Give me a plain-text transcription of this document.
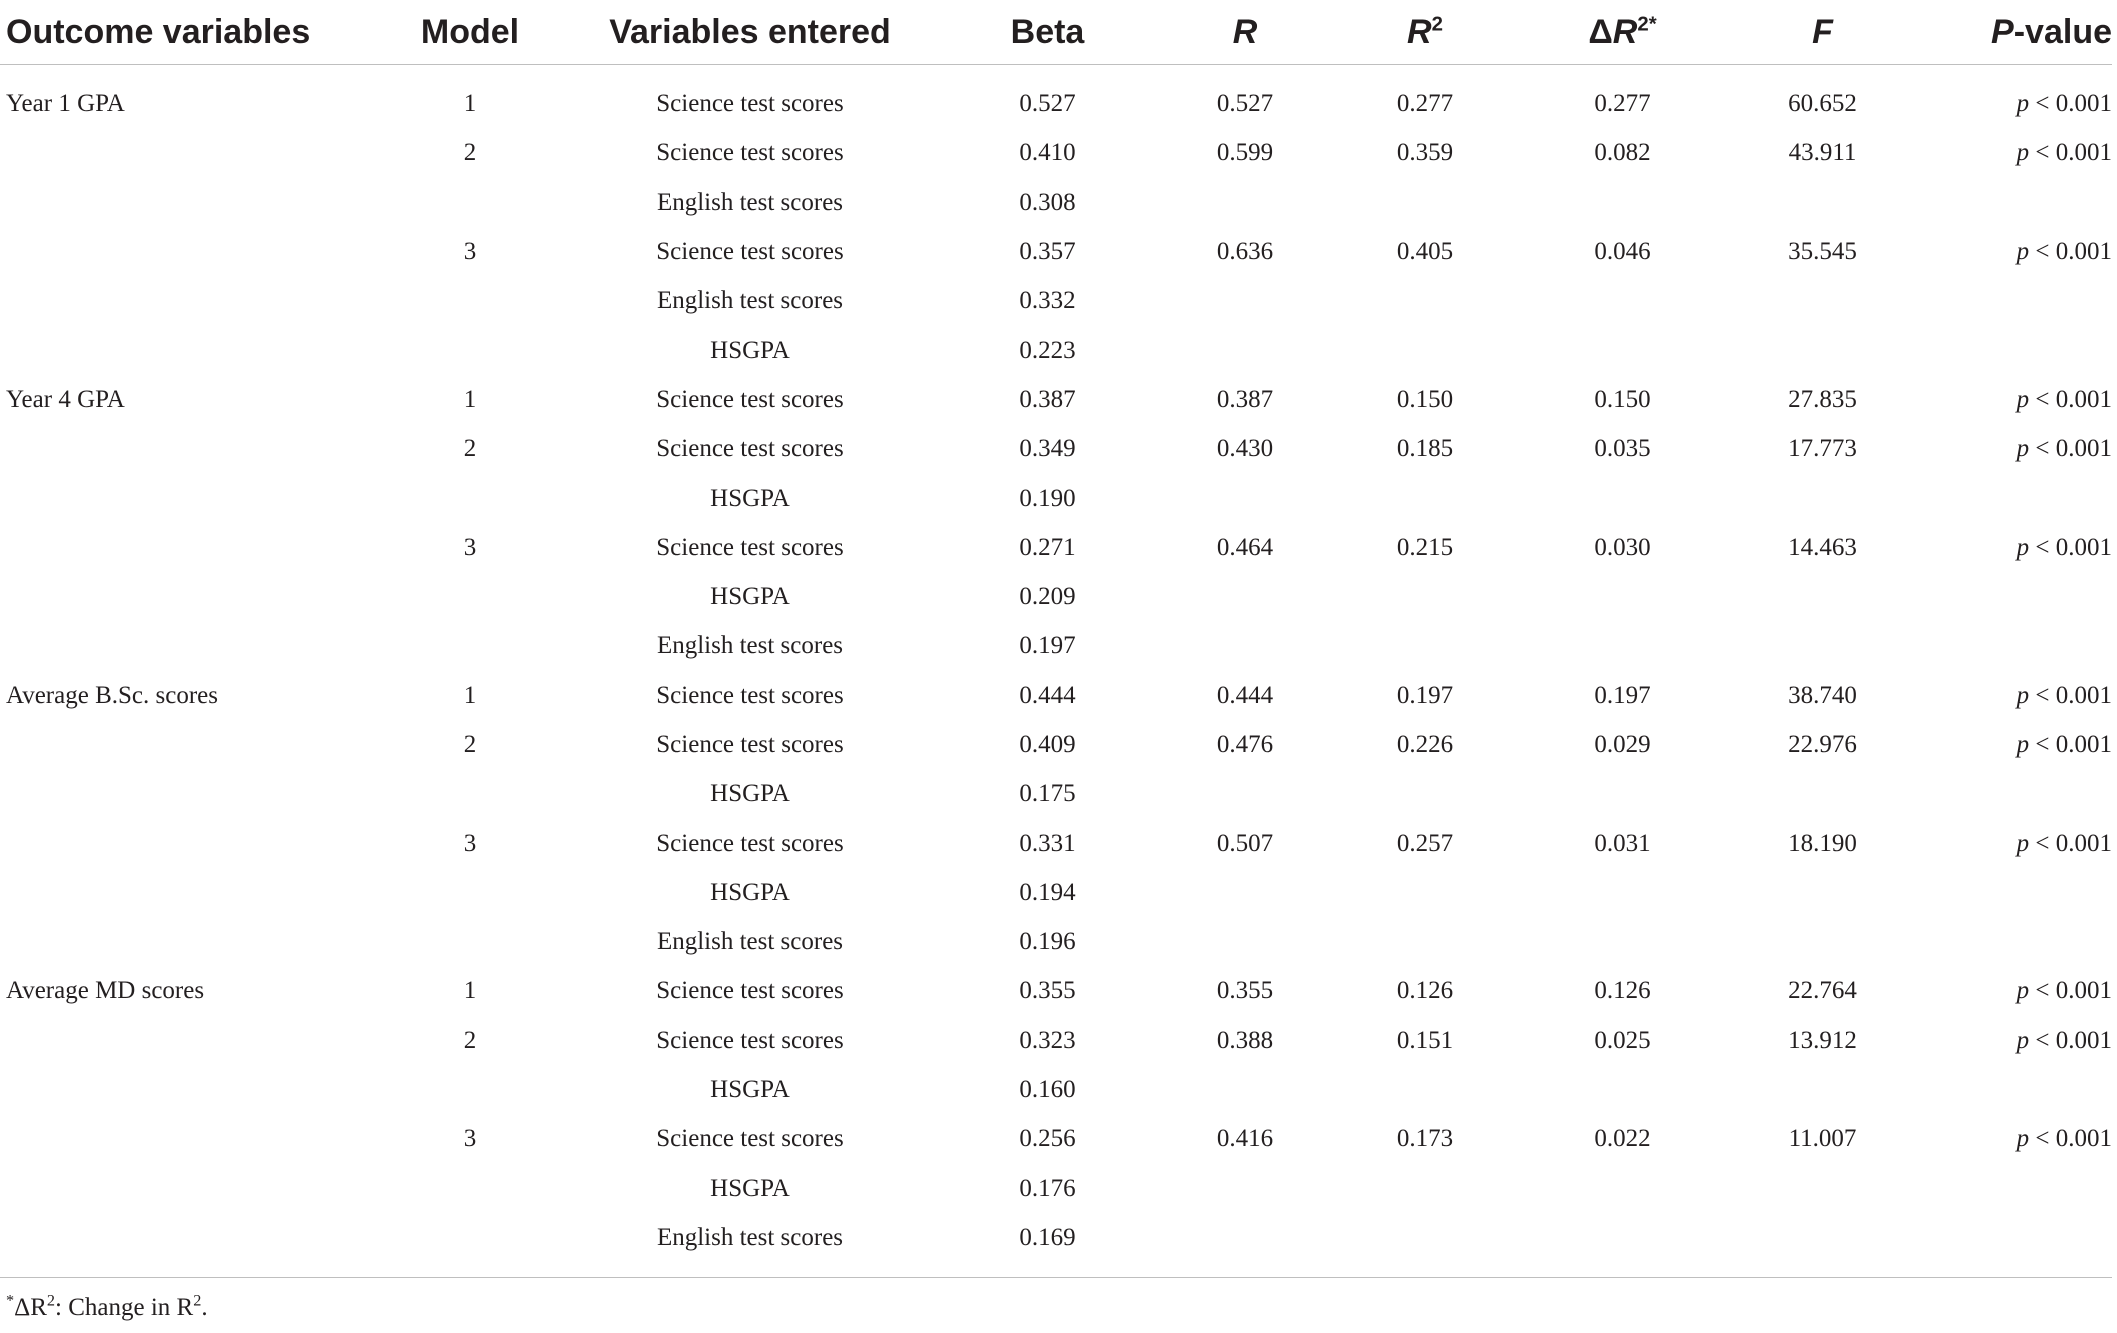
Outcome variables	Model	Variables entered	Beta	R	$R^2$	$\Delta R^{2*}$	F	P-value
Year 1 GPA	1	Science test scores	0.527	0.527	0.277	0.277	60.652	p < 0.001
	2	Science test scores	0.410	0.599	0.359	0.082	43.911	p < 0.001
		English test scores	0.308					
	3	Science test scores	0.357	0.636	0.405	0.046	35.545	p < 0.001
		English test scores	0.332					
		HSGPA	0.223					
Year 4 GPA	1	Science test scores	0.387	0.387	0.150	0.150	27.835	p < 0.001
	2	Science test scores	0.349	0.430	0.185	0.035	17.773	p < 0.001
		HSGPA	0.190					
	3	Science test scores	0.271	0.464	0.215	0.030	14.463	p < 0.001
		HSGPA	0.209					
		English test scores	0.197					
Average B.Sc. scores	1	Science test scores	0.444	0.444	0.197	0.197	38.740	p < 0.001
	2	Science test scores	0.409	0.476	0.226	0.029	22.976	p < 0.001
		HSGPA	0.175					
	3	Science test scores	0.331	0.507	0.257	0.031	18.190	p < 0.001
		HSGPA	0.194					
		English test scores	0.196					
Average MD scores	1	Science test scores	0.355	0.355	0.126	0.126	22.764	p < 0.001
	2	Science test scores	0.323	0.388	0.151	0.025	13.912	p < 0.001
		HSGPA	0.160					
	3	Science test scores	0.256	0.416	0.173	0.022	11.007	p < 0.001
		HSGPA	0.176					
		English test scores	0.169					
$^*\Delta R^2$: Change in $R^2$.
